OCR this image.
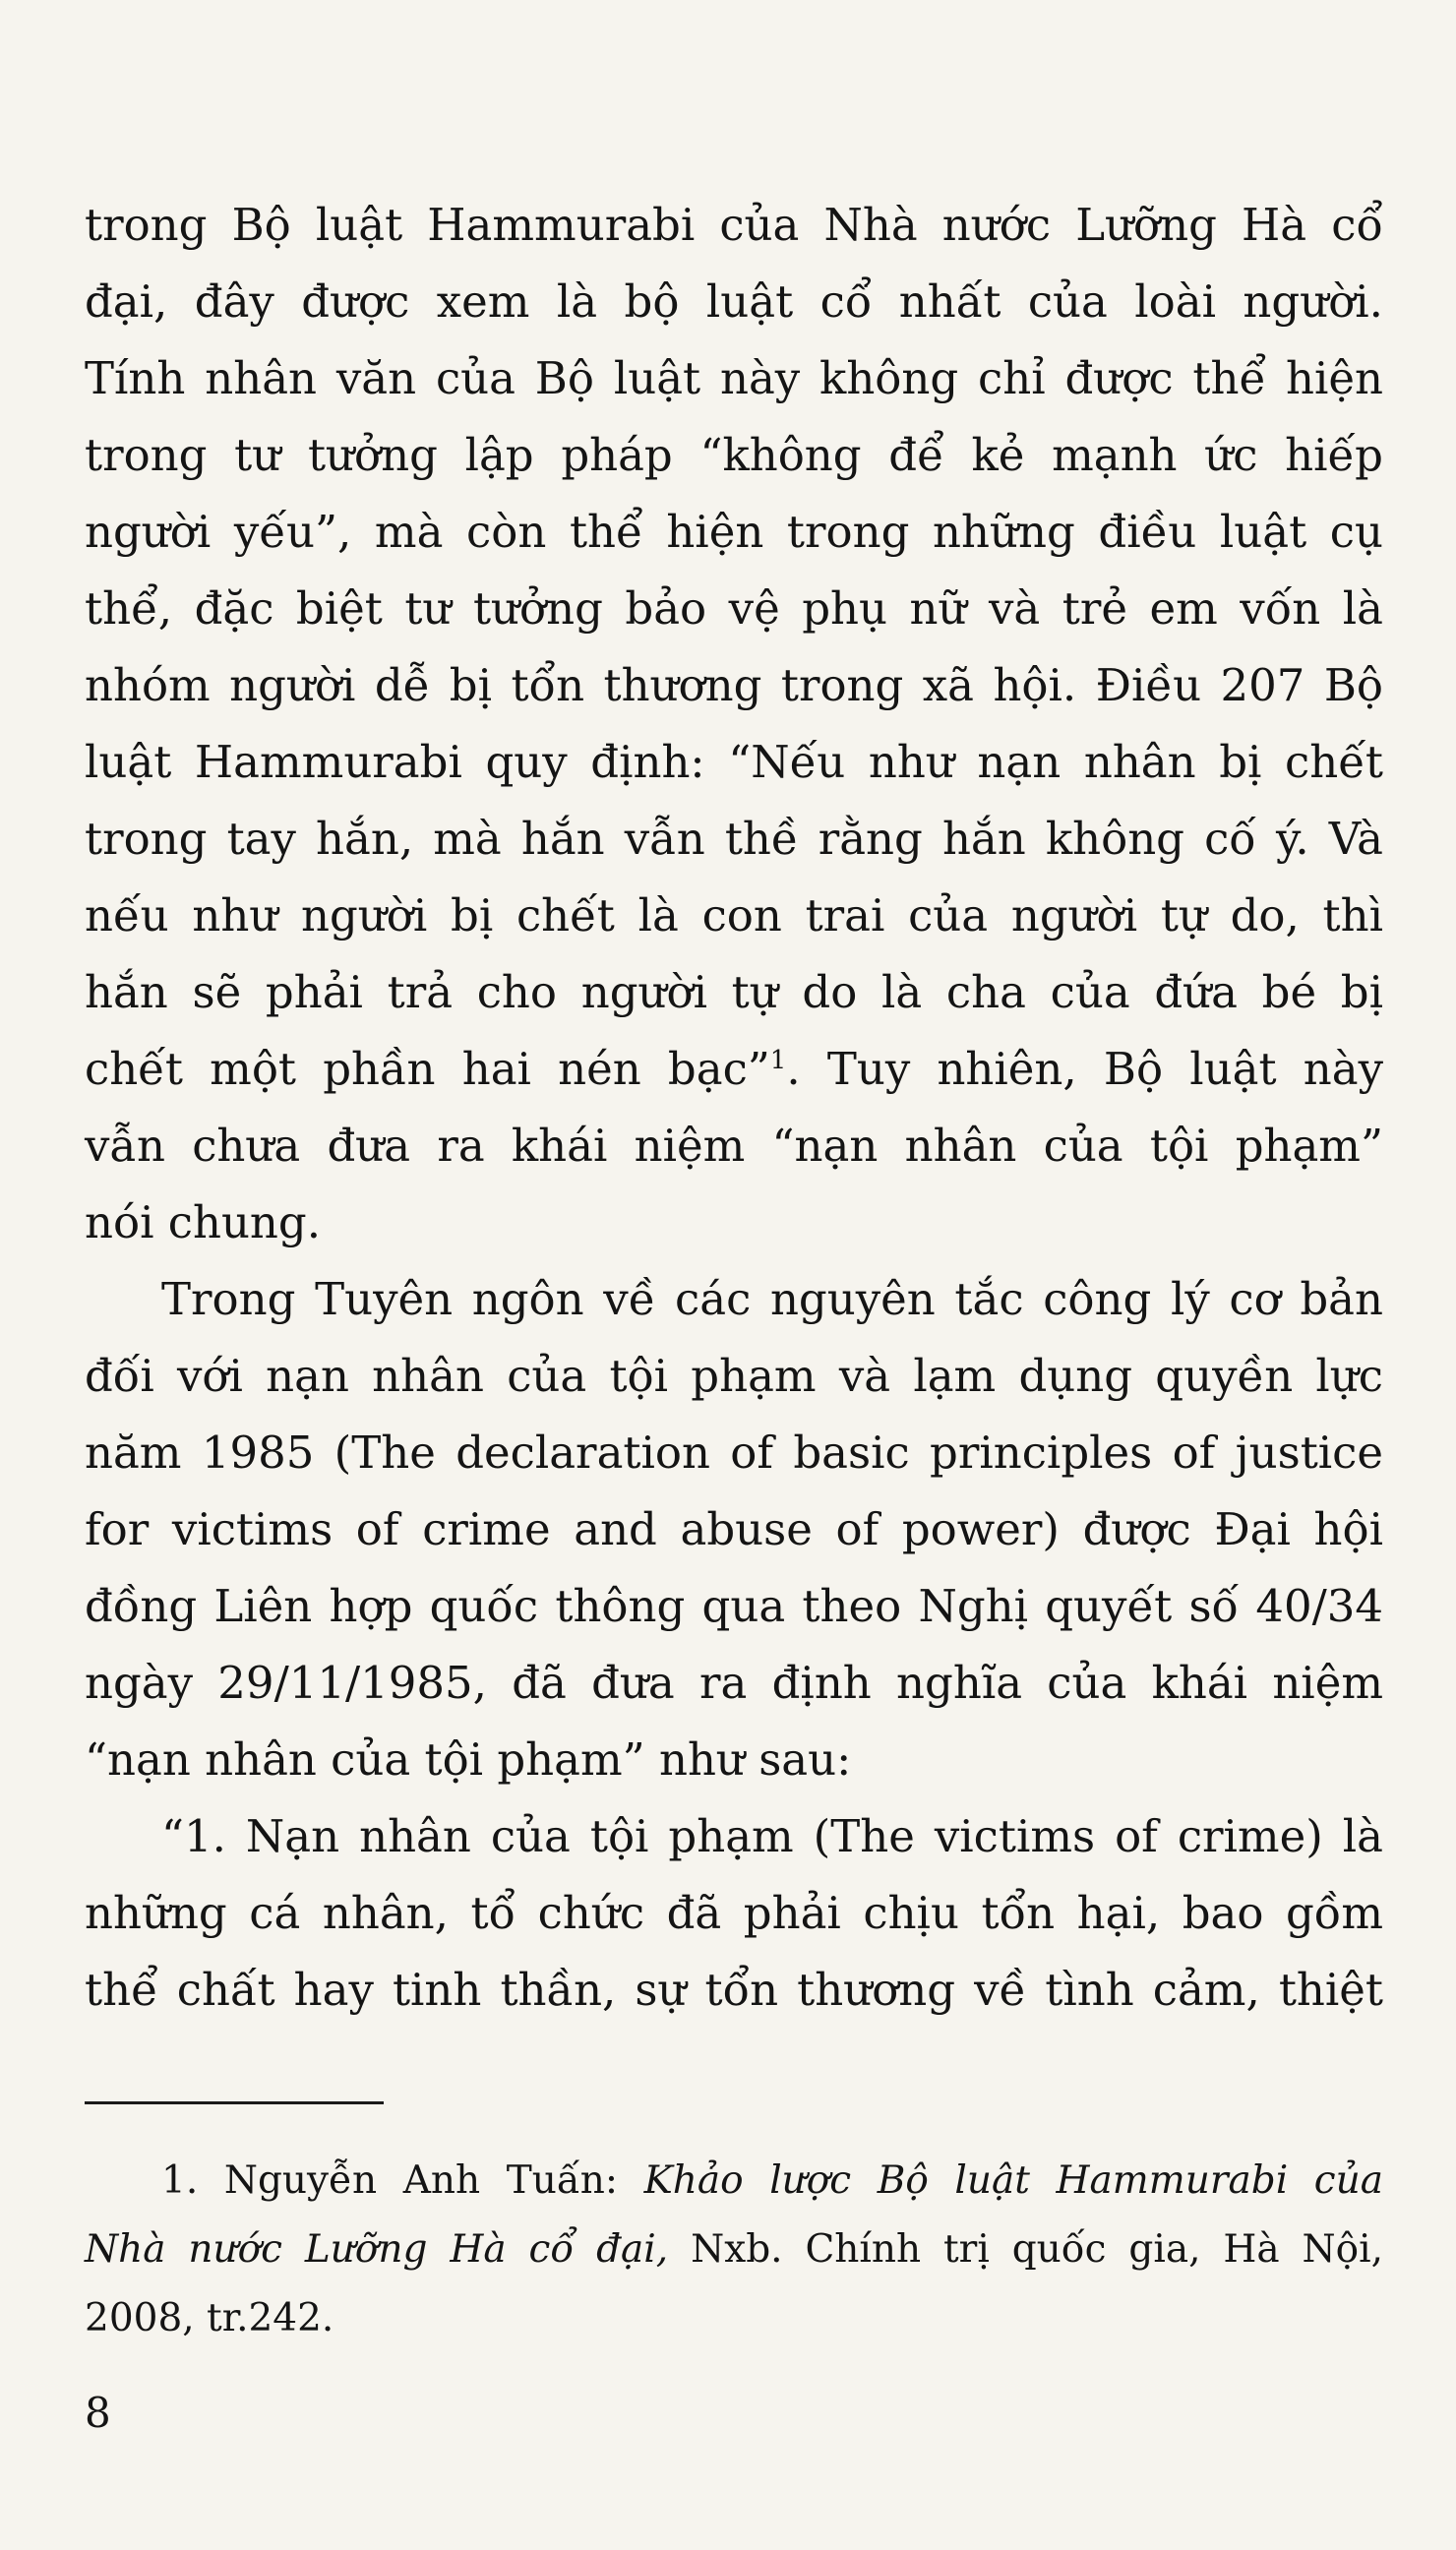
trong Bộ luật Hammurabi của Nhà nước Lưỡng Hà cổ
đại, đây được xem là bộ luật cổ nhất của loài người.
Tính nhân văn của Bộ luật này không chỉ được thể hiện
trong tư tưởng lập pháp “không để kẻ mạnh ức hiếp
người yếu”, mà còn thể hiện trong những điều luật cụ
thể, đặc biệt tư tưởng bảo vệ phụ nữ và trẻ em vốn là
nhóm người dễ bị tổn thương trong xã hội. Điều 207 Bộ
luật Hammurabi quy định: “Nếu như nạn nhân bị chết
trong tay hắn, mà hắn vẫn thề rằng hắn không cố ý. Và
nếu như người bị chết là con trai của người tự do, thì
hắn sẽ phải trả cho người tự do là cha của đứa bé bị
chết một phần hai nén bạc”$^1$. Tuy nhiên, Bộ luật này
vẫn chưa đưa ra khái niệm “nạn nhân của tội phạm”
nói chung.
Trong Tuyên ngôn về các nguyên tắc công lý cơ bản
đối với nạn nhân của tội phạm và lạm dụng quyền lực
năm 1985 (The declaration of basic principles of justice
for victims of crime and abuse of power) được Đại hội
đồng Liên hợp quốc thông qua theo Nghị quyết số 40/34
ngày 29/11/1985, đã đưa ra định nghĩa của khái niệm
“nạn nhân của tội phạm” như sau:
“1. Nạn nhân của tội phạm (The victims of crime) là
những cá nhân, tổ chức đã phải chịu tổn hại, bao gồm
thể chất hay tinh thần, sự tổn thương về tình cảm, thiệt
1. Nguyễn Anh Tuấn: Khảo lược Bộ luật Hammurabi của
Nhà nước Lưỡng Hà cổ đại, Nxb. Chính trị quốc gia, Hà Nội,
2008, tr.242.
8
